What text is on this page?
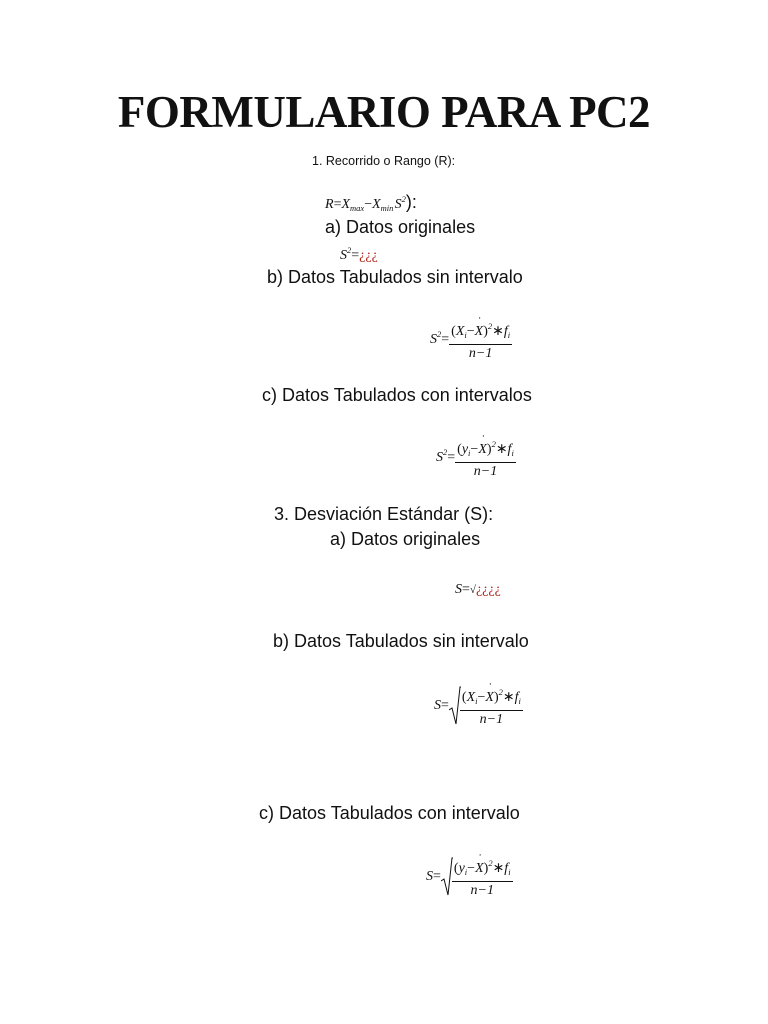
FORMULARIO PARA PC2
1. Recorrido o Rango (R):
$R=X_{max}-X_{min}$ $S^2$):
a) Datos originales
$S^2=¿¿¿$
b) Datos Tabulados sin intervalo
$S^2= \frac{(X_i-˙ X)^2∗f_i}{n-1}$
c) Datos Tabulados con intervalos
$S^2= \frac{(y_i-˙ X)^2∗f_i}{n-1}$
3. Desviación Estándar (S):
a) Datos originales
S=√¿¿¿¿
b) Datos Tabulados sin intervalo
$S= \frac{(X_i-˙ X)^2∗f_i}{n-1}$
c) Datos Tabulados con intervalo
$S= \frac{(y_i-˙ X)^2∗f_i}{n-1}$
